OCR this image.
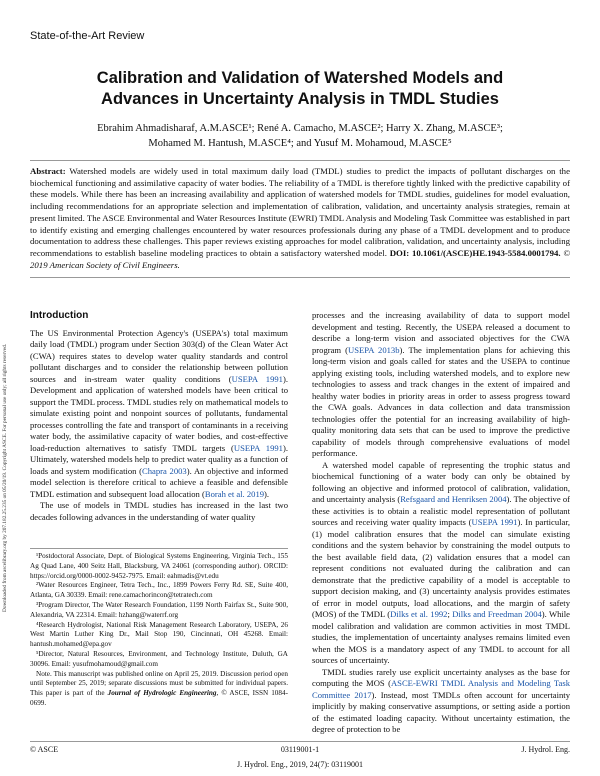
State-of-the-Art Review
Calibration and Validation of Watershed Models and
Advances in Uncertainty Analysis in TMDL Studies
Ebrahim Ahmadisharaf, A.M.ASCE¹; René A. Camacho, M.ASCE²; Harry X. Zhang, M.ASCE³;
Mohamed M. Hantush, M.ASCE⁴; and Yusuf M. Mohamoud, M.ASCE⁵
Abstract: Watershed models are widely used in total maximum daily load (TMDL) studies to predict the impacts of pollutant discharges on the biochemical functioning and assimilative capacity of water bodies. The reliability of a TMDL is therefore tightly linked with the predictive capability of these models. While there has been an increasing availability and application of watershed models for TMDL studies, guidelines for model evaluation, including recommendations for an appropriate selection and implementation of calibration, validation, and uncertainty analysis strategies, remain at present limited. The ASCE Environmental and Water Resources Institute (EWRI) TMDL Analysis and Modeling Task Committee was established in part to identify existing and emerging challenges encountered by water resources professionals during any phase of a TMDL development and to produce documentation to address these challenges. This paper reviews existing approaches for model calibration, validation, and uncertainty analysis, including recommendations to establish baseline modeling practices to obtain a satisfactory watershed model. DOI: 10.1061/(ASCE)HE.1943-5584.0001794. © 2019 American Society of Civil Engineers.
Downloaded from ascelibrary.org by 207.182.25.235 on 05/20/19. Copyright ASCE. For personal use only; all rights reserved.
Introduction

The US Environmental Protection Agency's (USEPA's) total maximum daily load (TMDL) program under Section 303(d) of the Clean Water Act (CWA) requires states to develop water quality standards and control pollutant discharges and to consider the relationship between pollution sources and in-stream water quality conditions (USEPA 1991). Development and application of watershed models have been critical to support the TMDL process. TMDL studies rely on mathematical models to simulate existing point and nonpoint sources of pollutants, fundamental processes controlling the fate and transport of contaminants in a receiving water body, the assimilative capacity of water bodies, and cost-effective load-reduction alternatives to satisfy TMDL targets (USEPA 1991). Ultimately, watershed models help to predict water quality as a function of loads and system modification (Chapra 2003). An objective and informed model selection is therefore critical to achieve a feasible and defensible TMDL estimation and subsequent load allocation (Borah et al. 2019).

The use of models in TMDL studies has increased in the last two decades following advances in the understanding of water quality

¹Postdoctoral Associate, Dept. of Biological Systems Engineering, Virginia Tech., 155 Ag Quad Lane, 400 Seitz Hall, Blacksburg, VA 24061 (corresponding author). ORCID: https://orcid.org/0000-0002-9452-7975. Email: eahmadis@vt.edu

²Water Resources Engineer, Tetra Tech., Inc., 1899 Powers Ferry Rd. SE, Suite 400, Atlanta, GA 30339. Email: rene.camachorincon@tetratech.com

³Program Director, The Water Research Foundation, 1199 North Fairfax St., Suite 900, Alexandria, VA 22314. Email: hzhang@waterrf.org

⁴Research Hydrologist, National Risk Management Research Laboratory, USEPA, 26 West Martin Luther King Dr., Mail Stop 190, Cincinnati, OH 45268. Email: hantush.mohamed@epa.gov

⁵Director, Natural Resources, Environment, and Technology Institute, Duluth, GA 30096. Email: yusufmohamoud@gmail.com

Note. This manuscript was published online on April 25, 2019. Discussion period open until September 25, 2019; separate discussions must be submitted for individual papers. This paper is part of the Journal of Hydrologic Engineering, © ASCE, ISSN 1084-0699.

processes and the increasing availability of data to support model development and testing. Recently, the USEPA released a document to describe a long-term vision and associated objectives for the CWA program (USEPA 2013b). The implementation plans for achieving this long-term vision and goals called for states and the USEPA to continue applying existing tools, including watershed models, and to explore new technologies to assess and track changes in the extent of impaired and healthy water bodies in priority areas in order to assess progress toward the CWA goals. Advances in data collection and data transmission technologies offer the potential for an increasing availability of high-quality monitoring data sets that can be used to improve the predictive capability of models through comprehensive evaluations of model performance.

A watershed model capable of representing the trophic status and biochemical functioning of a water body can only be obtained by following an objective and informed protocol of calibration, validation, and uncertainty analysis (Refsgaard and Henriksen 2004). The objective of these activities is to obtain a realistic model representation of pollutant sources and receiving water quality impacts (USEPA 1991). In particular, (1) model calibration ensures that the model can simulate existing conditions and the system behavior by constraining the model outputs to the best available field data, (2) validation ensures that a model can represent conditions not evaluated during the calibration and can demonstrate that the predictive capability of a model is acceptable to support decision making, and (3) uncertainty analysis provides estimates of error in model outputs, load allocations, and the margin of safety (MOS) of the TMDL (Dilks et al. 1992; Dilks and Freedman 2004). While model calibration and validation are common activities in most TMDL studies, the implementation of uncertainty analyses remains limited even when the MOS is a mandatory aspect of any TMDL to account for all sources of uncertainty.

TMDL studies rarely use explicit uncertainty analyses as the base for computing the MOS (ASCE-EWRI TMDL Analysis and Modeling Task Committee 2017). Instead, most TMDLs often account for uncertainty implicitly by making conservative assumptions, or setting aside a portion of the estimated loading capacity. Without uncertainty estimation, the degree of protection to be

© ASCE	03119001-1	J. Hydrol. Eng.
J. Hydrol. Eng., 2019, 24(7): 03119001
